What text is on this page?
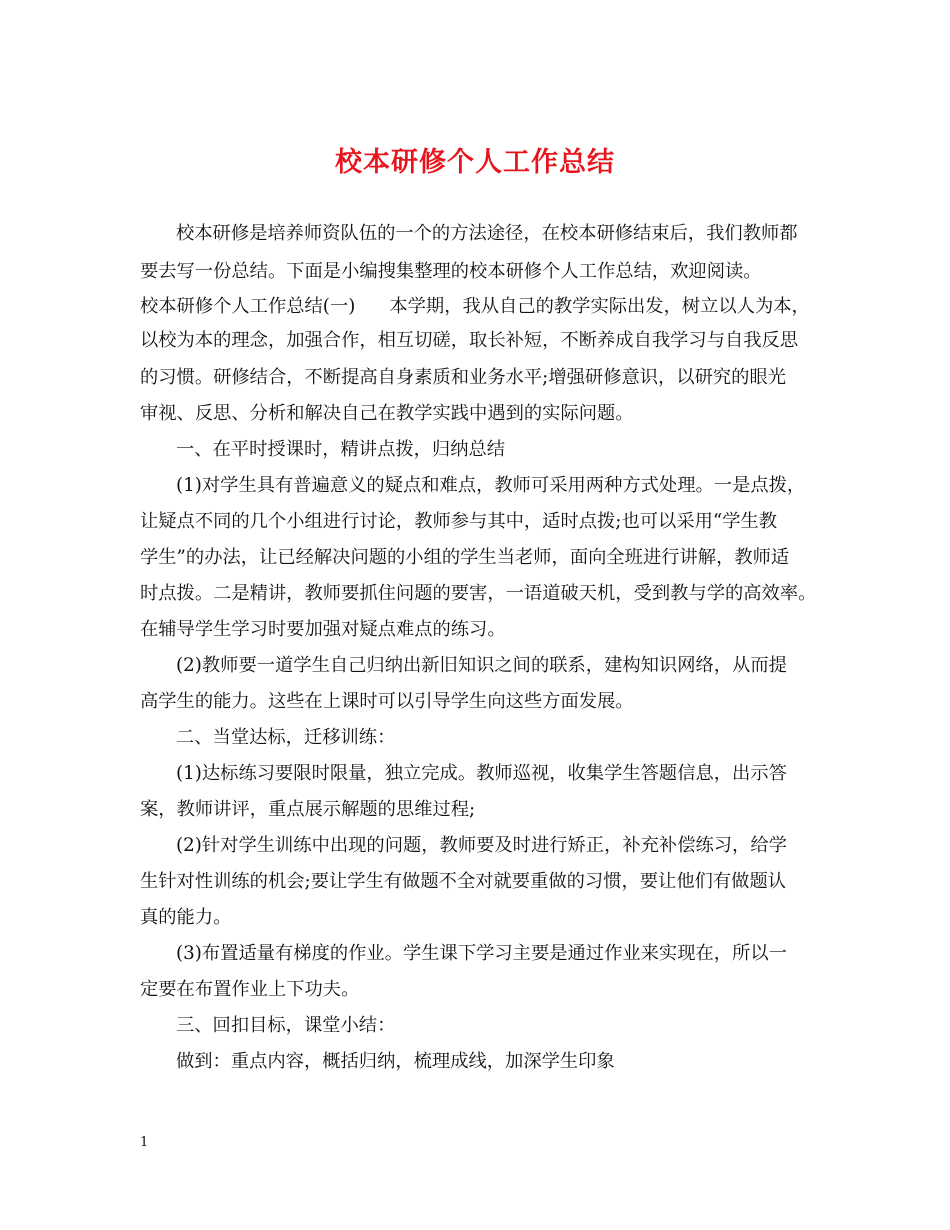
校本研修个人工作总结
校本研修是培养师资队伍的一个的方法途径，在校本研修结束后，我们教师都
要去写一份总结。下面是小编搜集整理的校本研修个人工作总结，欢迎阅读。
校本研修个人工作总结(一) 本学期，我从自己的教学实际出发，树立以人为本，
以校为本的理念，加强合作，相互切磋，取长补短，不断养成自我学习与自我反思
的习惯。研修结合，不断提高自身素质和业务水平;增强研修意识，以研究的眼光
审视、反思、分析和解决自己在教学实践中遇到的实际问题。
一、在平时授课时，精讲点拨，归纳总结
(1)对学生具有普遍意义的疑点和难点，教师可采用两种方式处理。一是点拨，
让疑点不同的几个小组进行讨论，教师参与其中，适时点拨;也可以采用“学生教
学生”的办法，让已经解决问题的小组的学生当老师，面向全班进行讲解，教师适
时点拨。二是精讲，教师要抓住问题的要害，一语道破天机，受到教与学的高效率。
在辅导学生学习时要加强对疑点难点的练习。
(2)教师要一道学生自己归纳出新旧知识之间的联系，建构知识网络，从而提
高学生的能力。这些在上课时可以引导学生向这些方面发展。
二、当堂达标，迁移训练：
(1)达标练习要限时限量，独立完成。教师巡视，收集学生答题信息，出示答
案，教师讲评，重点展示解题的思维过程;
(2)针对学生训练中出现的问题，教师要及时进行矫正，补充补偿练习，给学
生针对性训练的机会;要让学生有做题不全对就要重做的习惯，要让他们有做题认
真的能力。
(3)布置适量有梯度的作业。学生课下学习主要是通过作业来实现在，所以一
定要在布置作业上下功夫。
三、回扣目标，课堂小结：
做到：重点内容，概括归纳，梳理成线，加深学生印象
1
